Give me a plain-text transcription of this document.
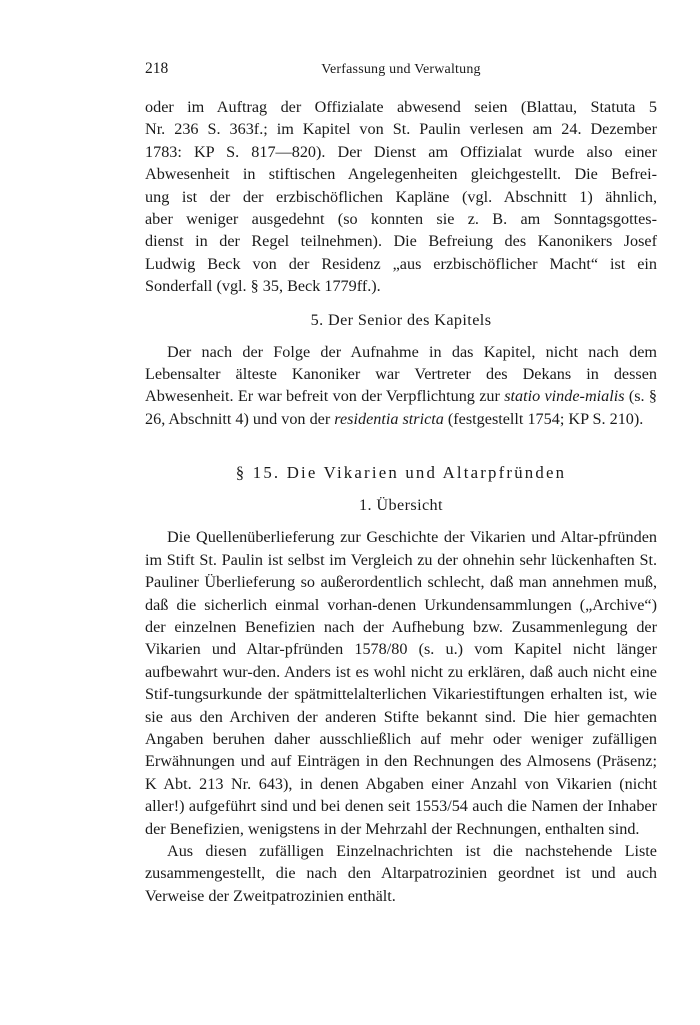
218	Verfassung und Verwaltung

oder im Auftrag der Offizialate abwesend seien (Blattau, Statuta 5

Nr. 236 S. 363f.; im Kapitel von St. Paulin verlesen am 24. Dezember

1783: KP S. 817—820). Der Dienst am Offizialat wurde also einer

Abwesenheit in stiftischen Angelegenheiten gleichgestellt. Die Befrei-

ung ist der der erzbischöflichen Kapläne (vgl. Abschnitt 1) ähnlich,

aber weniger ausgedehnt (so konnten sie z. B. am Sonntagsgottes-

dienst in der Regel teilnehmen). Die Befreiung des Kanonikers Josef

Ludwig Beck von der Residenz „aus erzbischöflicher Macht“ ist ein

Sonderfall (vgl. § 35, Beck 1779ff.).

5. Der Senior des Kapitels

Der nach der Folge der Aufnahme in das Kapitel, nicht nach dem Lebensalter älteste Kanoniker war Vertreter des Dekans in dessen Abwesenheit. Er war befreit von der Verpflichtung zur statio vinde-mialis (s. § 26, Abschnitt 4) und von der residentia stricta (festgestellt 1754; KP S. 210).

§ 15. Die Vikarien und Altarpfründen
1. Übersicht

Die Quellenüberlieferung zur Geschichte der Vikarien und Altar-pfründen im Stift St. Paulin ist selbst im Vergleich zu der ohnehin sehr lückenhaften St. Pauliner Überlieferung so außerordentlich schlecht, daß man annehmen muß, daß die sicherlich einmal vorhan-denen Urkundensammlungen („Archive“) der einzelnen Benefizien nach der Aufhebung bzw. Zusammenlegung der Vikarien und Altar-pfründen 1578/80 (s. u.) vom Kapitel nicht länger aufbewahrt wur-den. Anders ist es wohl nicht zu erklären, daß auch nicht eine Stif-tungsurkunde der spätmittelalterlichen Vikariestiftungen erhalten ist, wie sie aus den Archiven der anderen Stifte bekannt sind. Die hier gemachten Angaben beruhen daher ausschließlich auf mehr oder weniger zufälligen Erwähnungen und auf Einträgen in den Rechnungen des Almosens (Präsenz; K Abt. 213 Nr. 643), in denen Abgaben einer Anzahl von Vikarien (nicht aller!) aufgeführt sind und bei denen seit 1553/54 auch die Namen der Inhaber der Benefizien, wenigstens in der Mehrzahl der Rechnungen, enthalten sind.

Aus diesen zufälligen Einzelnachrichten ist die nachstehende Liste zusammengestellt, die nach den Altarpatrozinien geordnet ist und auch Verweise der Zweitpatrozinien enthält.
